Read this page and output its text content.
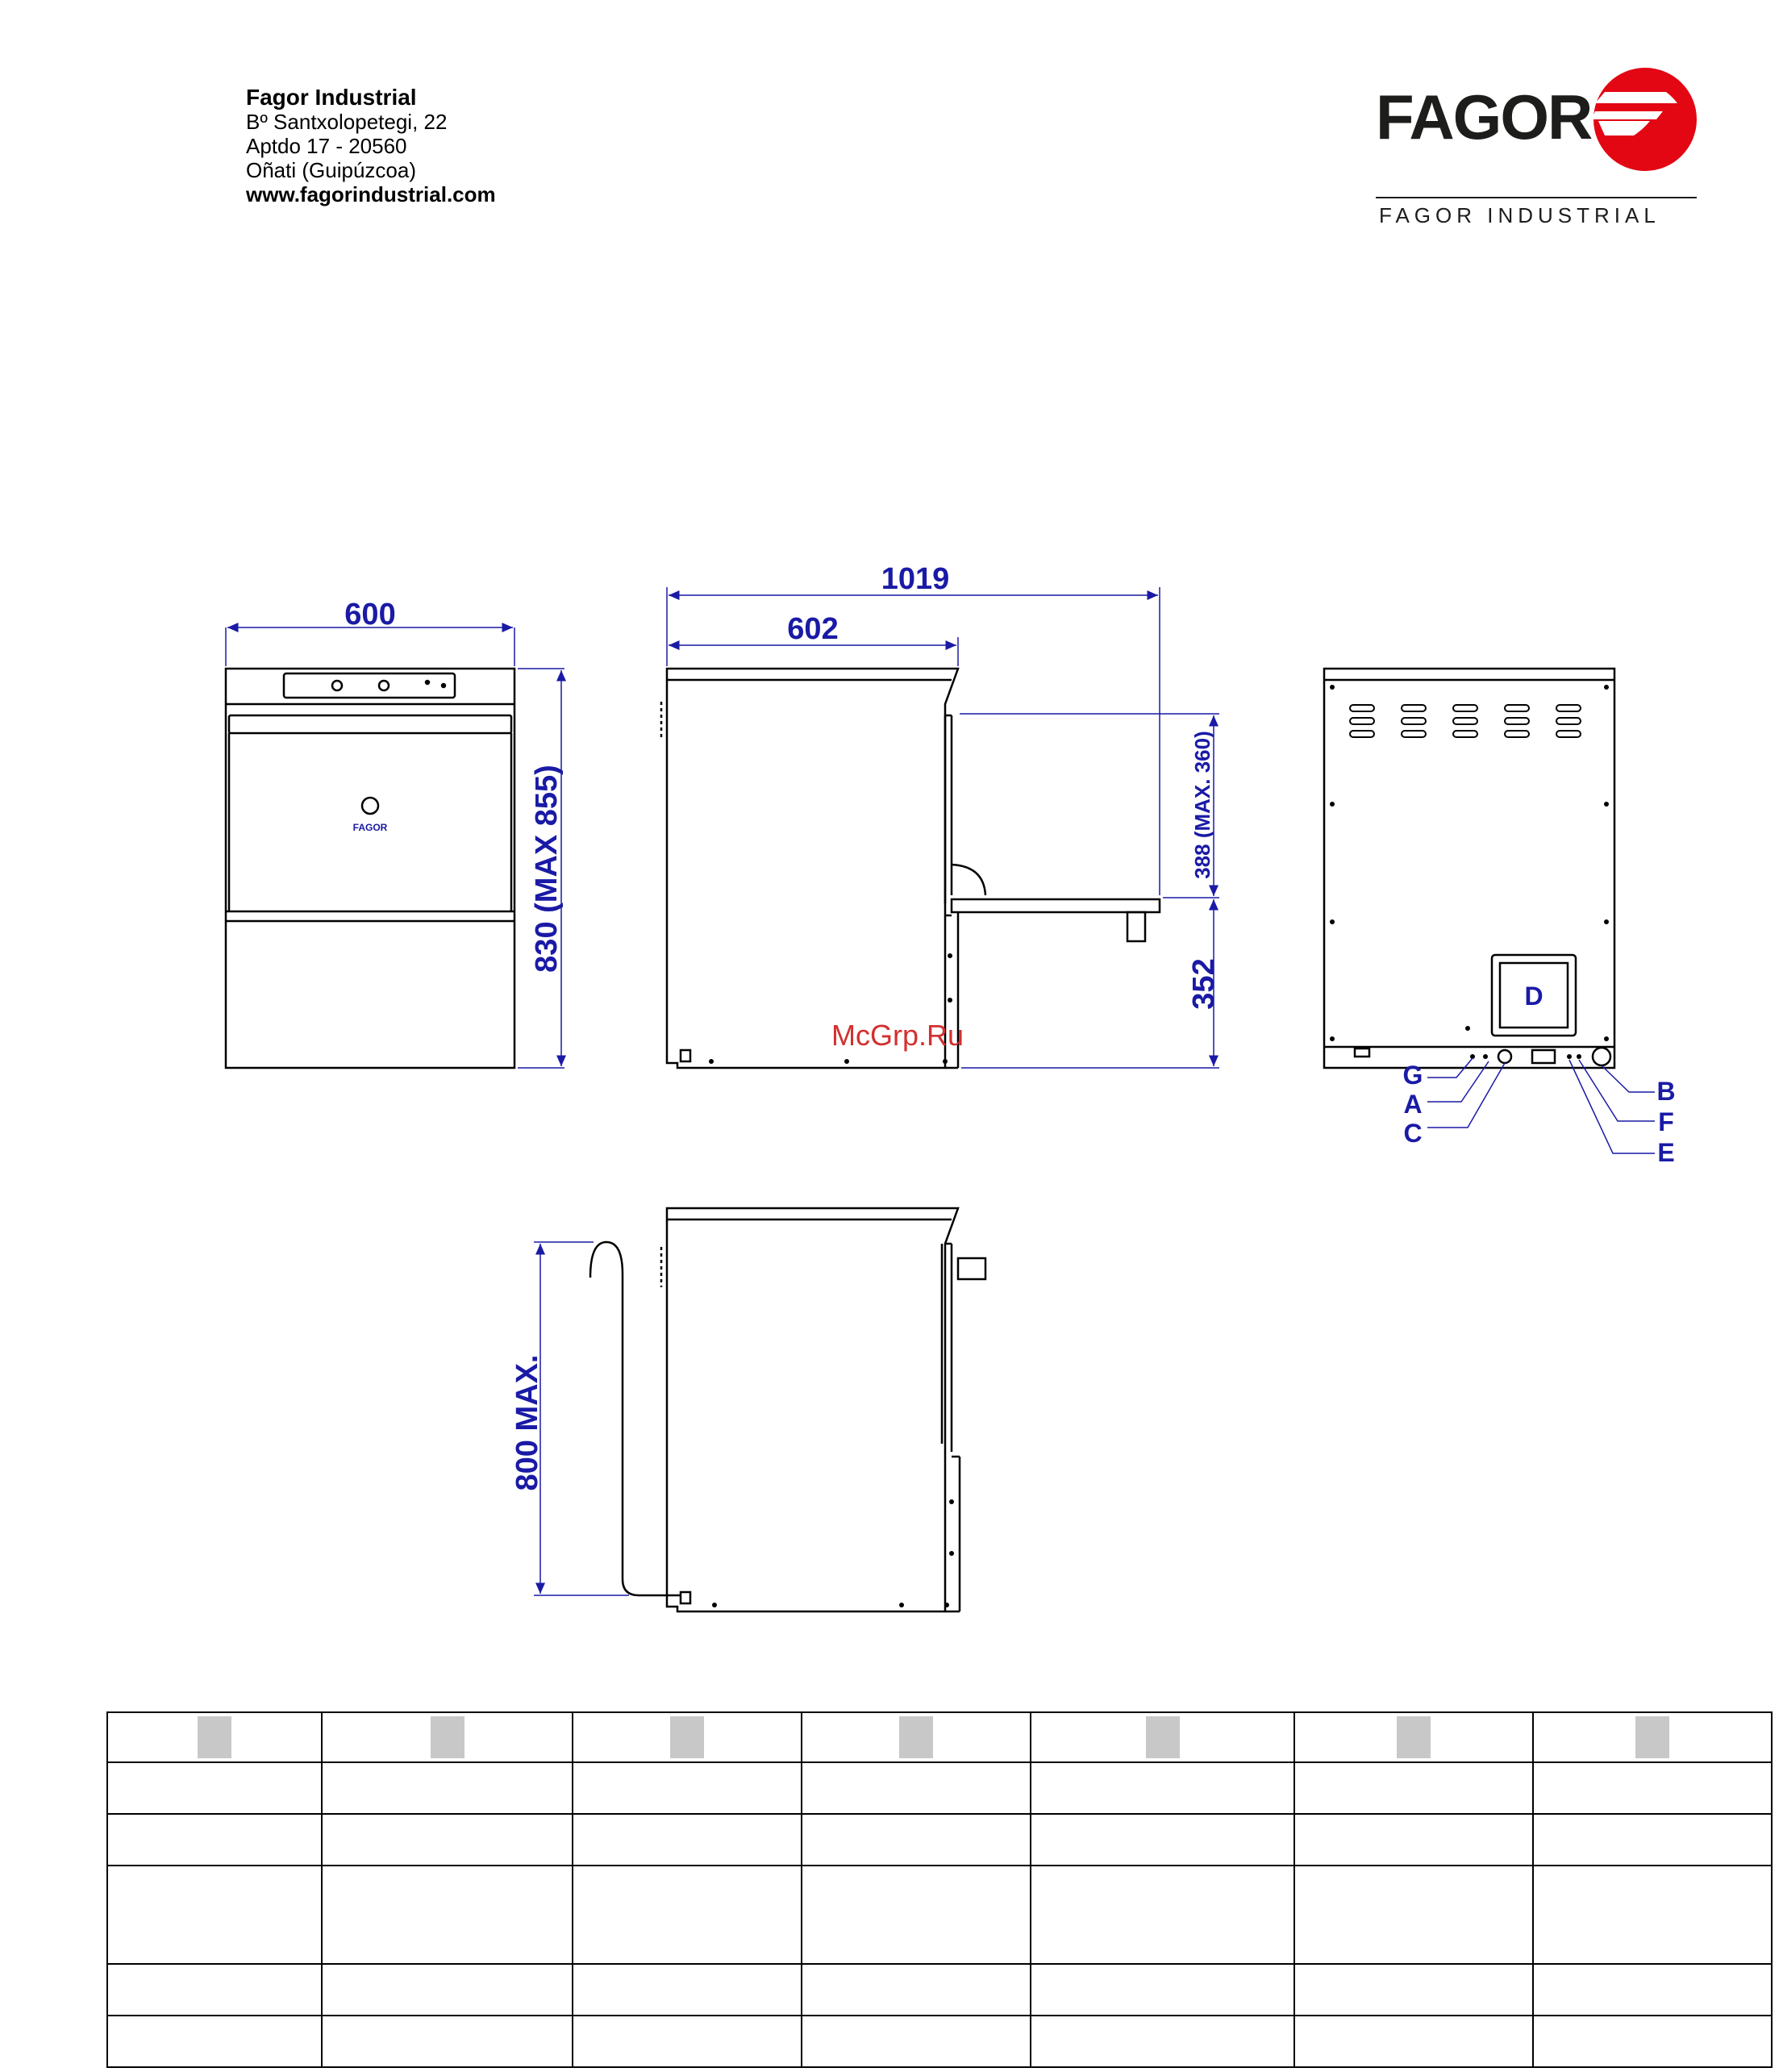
Fagor Industrial
Bº Santxolopetegi, 22
Aptdo 17 - 20560
Oñati (Guipúzcoa)
www.fagorindustrial.com
FAGOR
FAGOR INDUSTRIAL
FAGOR
600
830 (MAX 855)
1019
602
388 (MAX. 360)
352	D
G
A
C
B
F
E
800 MAX.
McGrp.Ru
